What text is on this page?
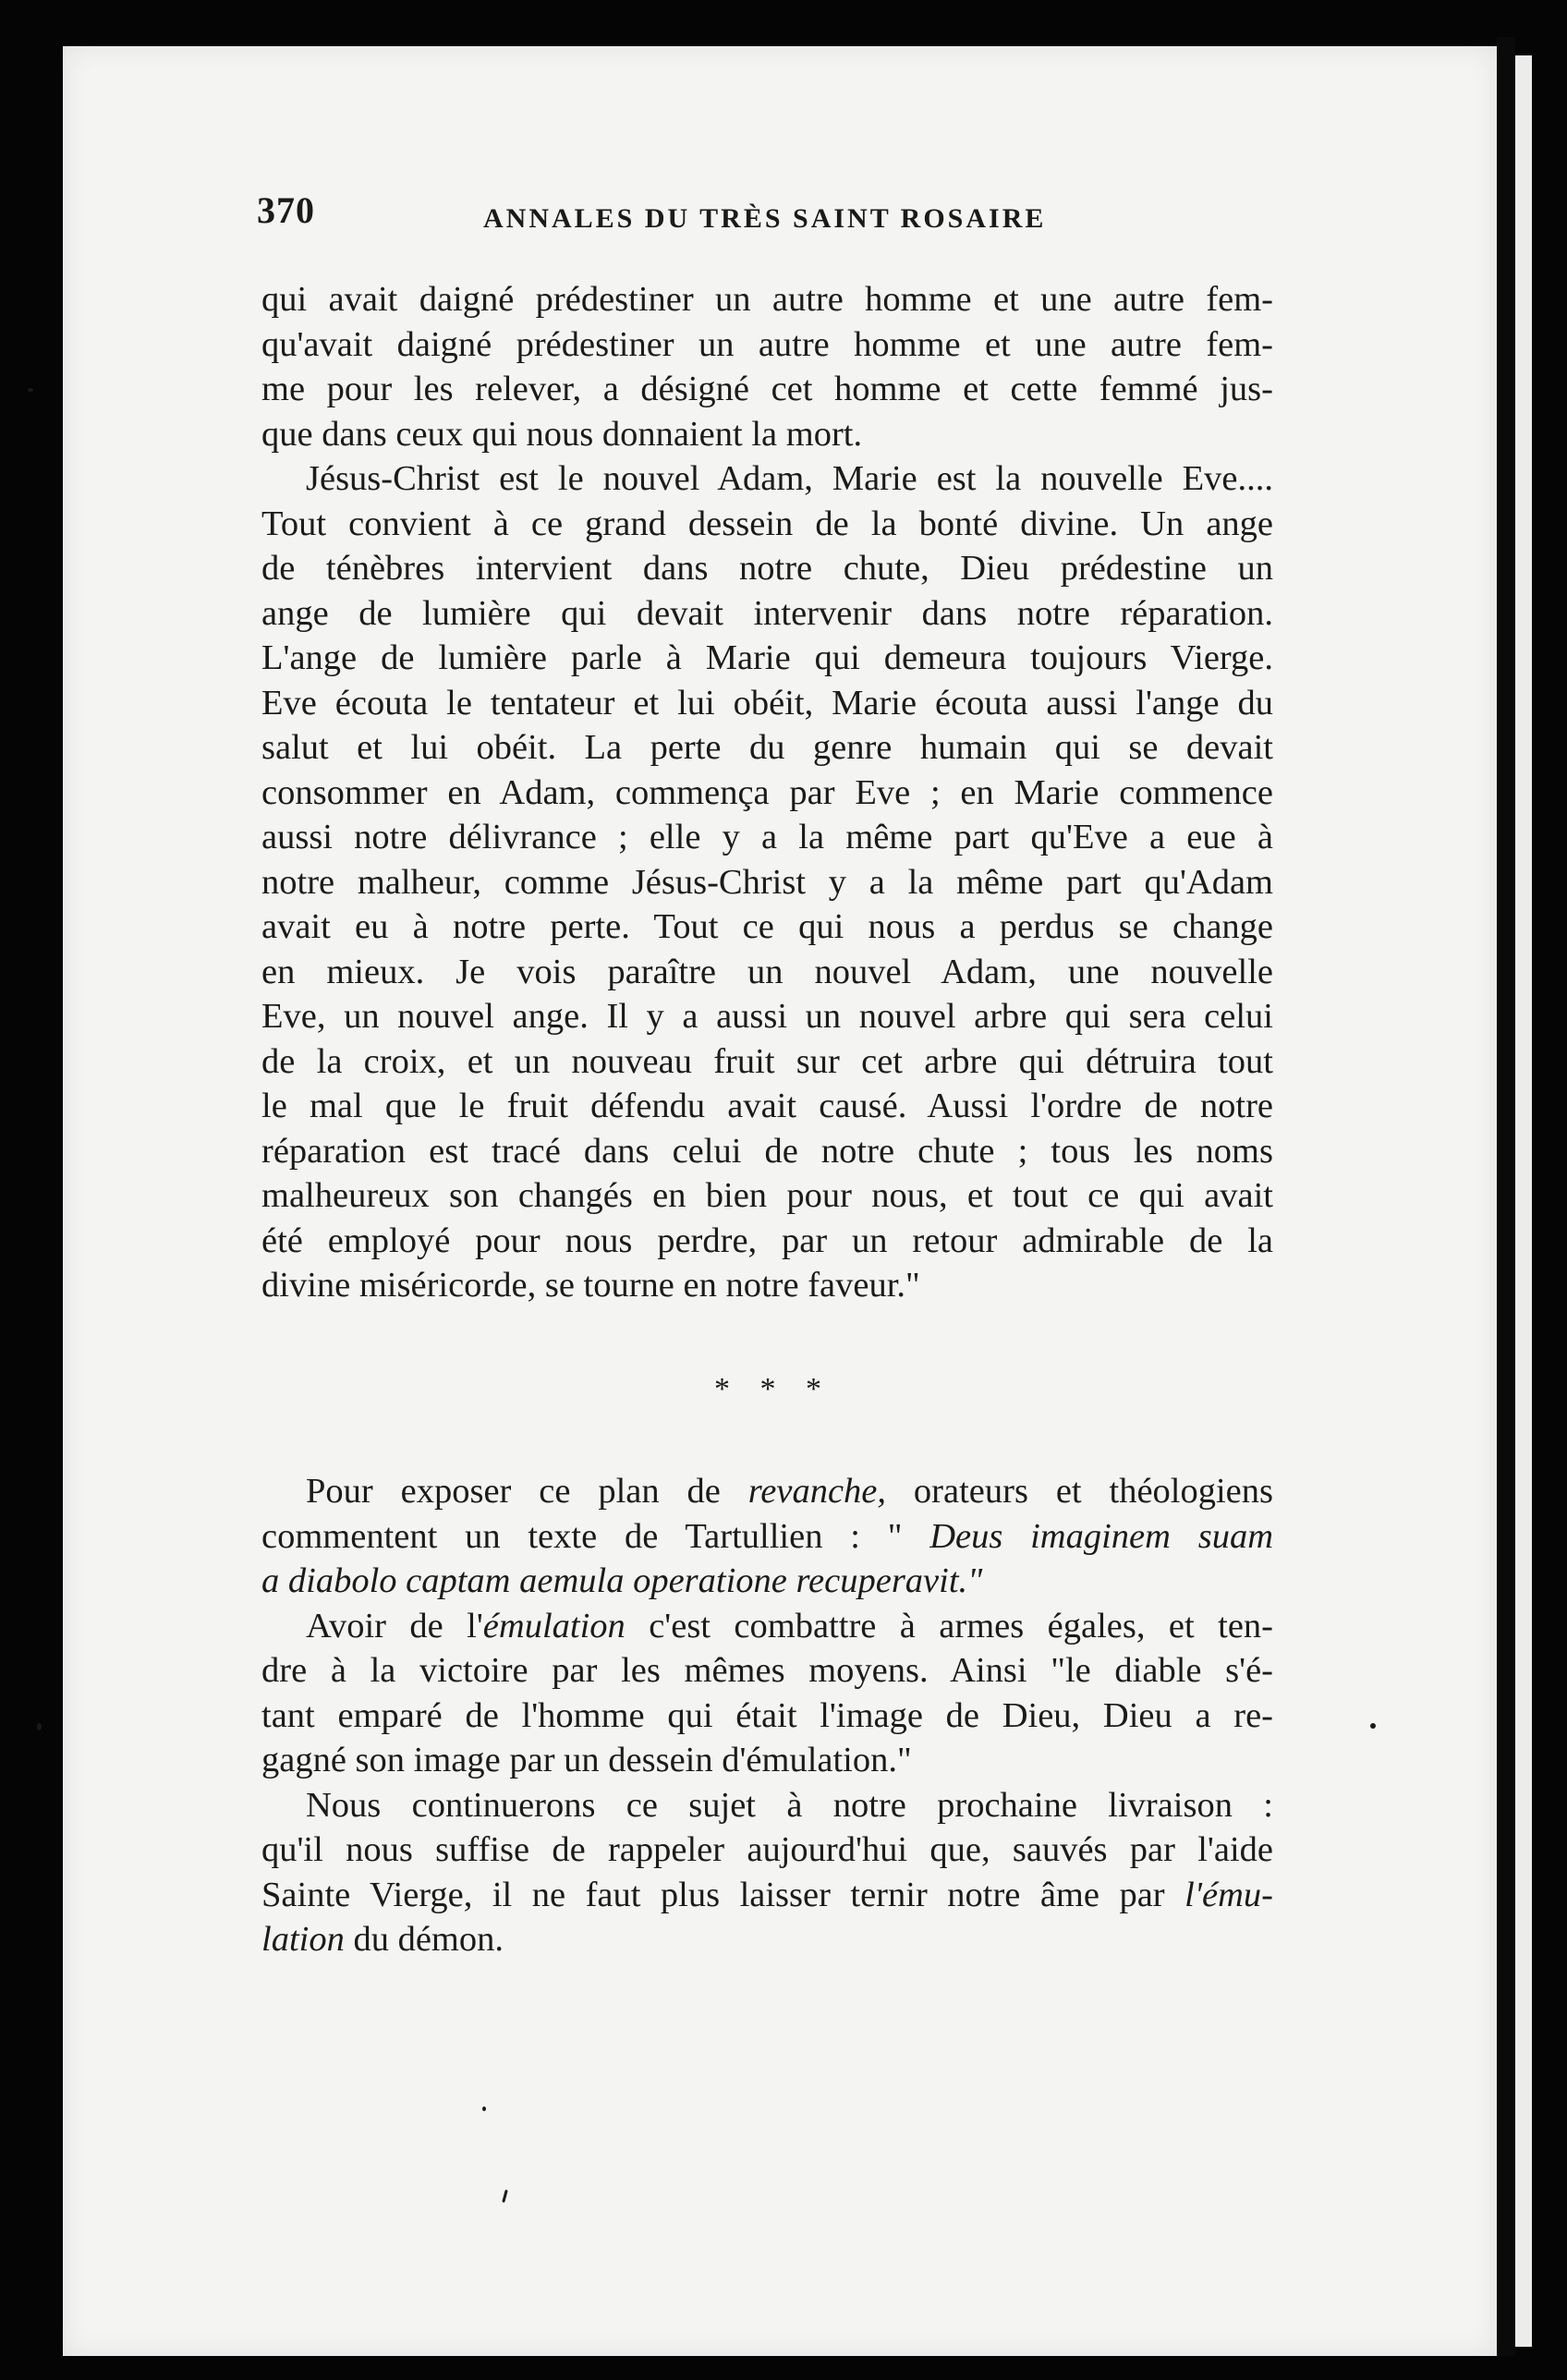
370	ANNALES DU TRÈS SAINT ROSAIRE

qui avait daigné prédestiner un autre homme et une autre fem-
qu'avait daigné prédestiner un autre homme et une autre fem-
me pour les relever, a désigné cet homme et cette femmé jus-
que dans ceux qui nous donnaient la mort.

Jésus-Christ est le nouvel Adam, Marie est la nouvelle Eve....
Tout convient à ce grand dessein de la bonté divine. Un ange
de ténèbres intervient dans notre chute, Dieu prédestine un
ange de lumière qui devait intervenir dans notre réparation.
L'ange de lumière parle à Marie qui demeura toujours Vierge.
Eve écouta le tentateur et lui obéit, Marie écouta aussi l'ange du
salut et lui obéit. La perte du genre humain qui se devait
consommer en Adam, commença par Eve ; en Marie commence
aussi notre délivrance ; elle y a la même part qu'Eve a eue à
notre malheur, comme Jésus-Christ y a la même part qu'Adam
avait eu à notre perte. Tout ce qui nous a perdus se change
en mieux. Je vois paraître un nouvel Adam, une nouvelle
Eve, un nouvel ange. Il y a aussi un nouvel arbre qui sera celui
de la croix, et un nouveau fruit sur cet arbre qui détruira tout
le mal que le fruit défendu avait causé. Aussi l'ordre de notre
réparation est tracé dans celui de notre chute ; tous les noms
malheureux son changés en bien pour nous, et tout ce qui avait
été employé pour nous perdre, par un retour admirable de la
divine miséricorde, se tourne en notre faveur."

* * *

Pour exposer ce plan de revanche, orateurs et théologiens
commentent un texte de Tartullien : " Deus imaginem suam
a diabolo captam aemula operatione recuperavit."

Avoir de l'émulation c'est combattre à armes égales, et ten-
dre à la victoire par les mêmes moyens. Ainsi "le diable s'é-
tant emparé de l'homme qui était l'image de Dieu, Dieu a re-
gagné son image par un dessein d'émulation."

Nous continuerons ce sujet à notre prochaine livraison :
qu'il nous suffise de rappeler aujourd'hui que, sauvés par l'aide
Sainte Vierge, il ne faut plus laisser ternir notre âme par l'ému-
lation du démon.
